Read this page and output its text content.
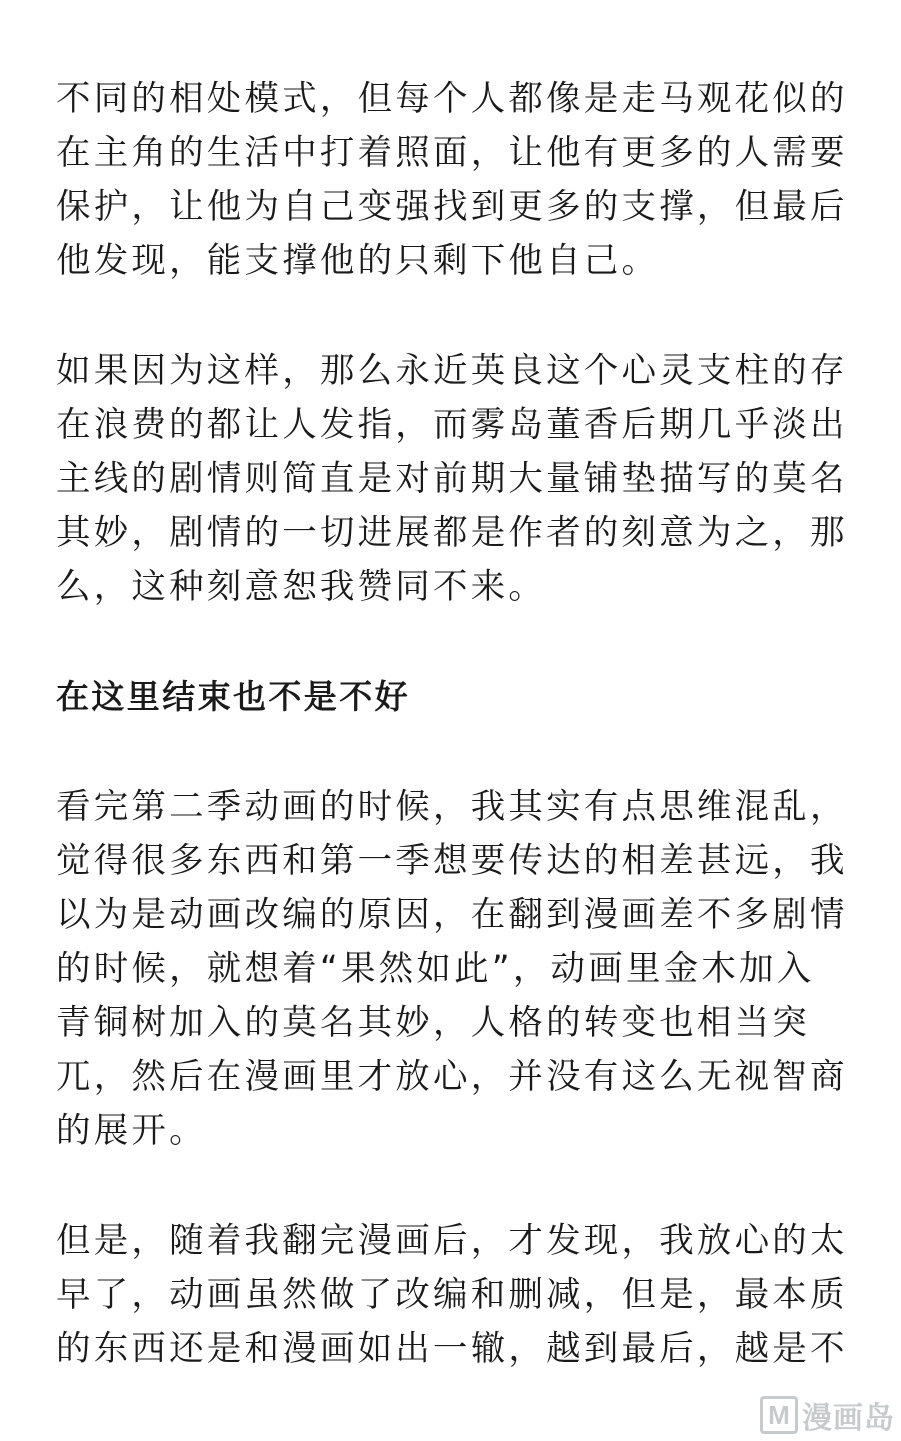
不同的相处模式，但每个人都像是走马观花似的
在主角的生活中打着照面，让他有更多的人需要
保护，让他为自己变强找到更多的支撑，但最后
他发现，能支撑他的只剩下他自己。
如果因为这样，那么永近英良这个心灵支柱的存
在浪费的都让人发指，而雾岛董香后期几乎淡出
主线的剧情则简直是对前期大量铺垫描写的莫名
其妙，剧情的一切进展都是作者的刻意为之，那
么，这种刻意恕我赞同不来。
在这里结束也不是不好
看完第二季动画的时候，我其实有点思维混乱，
觉得很多东西和第一季想要传达的相差甚远，我
以为是动画改编的原因，在翻到漫画差不多剧情
的时候，就想着“果然如此”，动画里金木加入
青铜树加入的莫名其妙，人格的转变也相当突
兀，然后在漫画里才放心，并没有这么无视智商
的展开。
但是，随着我翻完漫画后，才发现，我放心的太
早了，动画虽然做了改编和删减，但是，最本质
的东西还是和漫画如出一辙，越到最后，越是不
M 漫画岛
